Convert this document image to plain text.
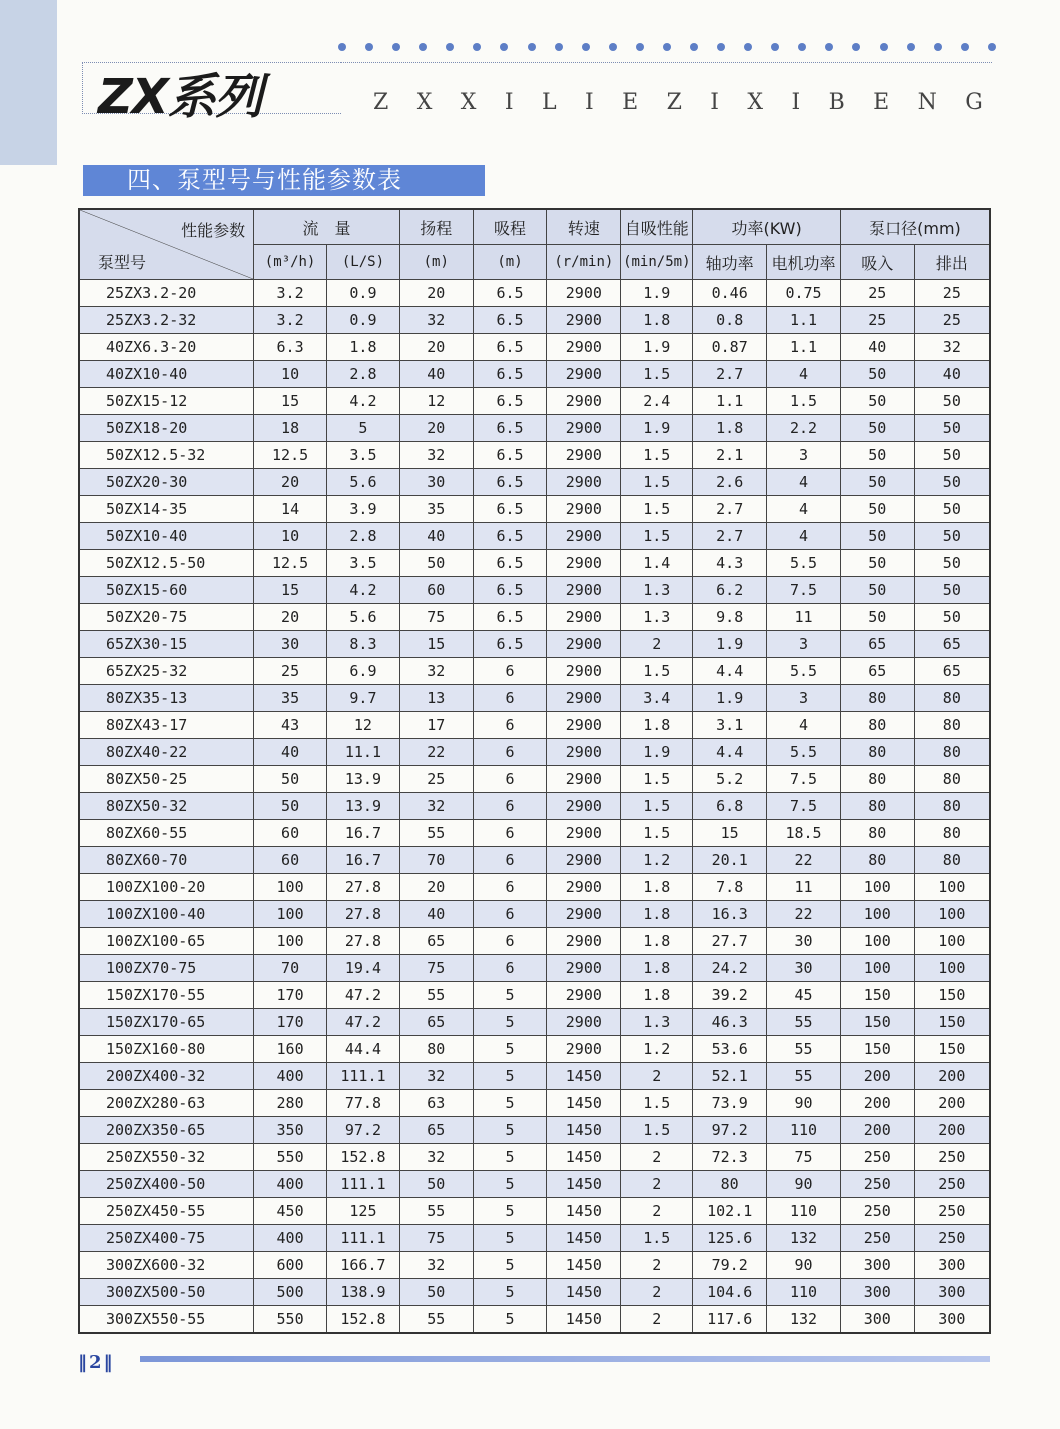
ZX系列	Z X X I L I E Z I X I B E N G
四、泵型号与性能参数表
性能参数
泵型号	流　量		扬程	吸程	转速	自吸性能	功率(KW)		泵口径(mm)	
	(m³/h)	(L/S)	(m)	(m)	(r/min)	(min/5m)	轴功率	电机功率	吸入	排出
25ZX3.2-20	3.2	0.9	20	6.5	2900	1.9	0.46	0.75	25	25
25ZX3.2-32	3.2	0.9	32	6.5	2900	1.8	0.8	1.1	25	25
40ZX6.3-20	6.3	1.8	20	6.5	2900	1.9	0.87	1.1	40	32
40ZX10-40	10	2.8	40	6.5	2900	1.5	2.7	4	50	40
50ZX15-12	15	4.2	12	6.5	2900	2.4	1.1	1.5	50	50
50ZX18-20	18	5	20	6.5	2900	1.9	1.8	2.2	50	50
50ZX12.5-32	12.5	3.5	32	6.5	2900	1.5	2.1	3	50	50
50ZX20-30	20	5.6	30	6.5	2900	1.5	2.6	4	50	50
50ZX14-35	14	3.9	35	6.5	2900	1.5	2.7	4	50	50
50ZX10-40	10	2.8	40	6.5	2900	1.5	2.7	4	50	50
50ZX12.5-50	12.5	3.5	50	6.5	2900	1.4	4.3	5.5	50	50
50ZX15-60	15	4.2	60	6.5	2900	1.3	6.2	7.5	50	50
50ZX20-75	20	5.6	75	6.5	2900	1.3	9.8	11	50	50
65ZX30-15	30	8.3	15	6.5	2900	2	1.9	3	65	65
65ZX25-32	25	6.9	32	6	2900	1.5	4.4	5.5	65	65
80ZX35-13	35	9.7	13	6	2900	3.4	1.9	3	80	80
80ZX43-17	43	12	17	6	2900	1.8	3.1	4	80	80
80ZX40-22	40	11.1	22	6	2900	1.9	4.4	5.5	80	80
80ZX50-25	50	13.9	25	6	2900	1.5	5.2	7.5	80	80
80ZX50-32	50	13.9	32	6	2900	1.5	6.8	7.5	80	80
80ZX60-55	60	16.7	55	6	2900	1.5	15	18.5	80	80
80ZX60-70	60	16.7	70	6	2900	1.2	20.1	22	80	80
100ZX100-20	100	27.8	20	6	2900	1.8	7.8	11	100	100
100ZX100-40	100	27.8	40	6	2900	1.8	16.3	22	100	100
100ZX100-65	100	27.8	65	6	2900	1.8	27.7	30	100	100
100ZX70-75	70	19.4	75	6	2900	1.8	24.2	30	100	100
150ZX170-55	170	47.2	55	5	2900	1.8	39.2	45	150	150
150ZX170-65	170	47.2	65	5	2900	1.3	46.3	55	150	150
150ZX160-80	160	44.4	80	5	2900	1.2	53.6	55	150	150
200ZX400-32	400	111.1	32	5	1450	2	52.1	55	200	200
200ZX280-63	280	77.8	63	5	1450	1.5	73.9	90	200	200
200ZX350-65	350	97.2	65	5	1450	1.5	97.2	110	200	200
250ZX550-32	550	152.8	32	5	1450	2	72.3	75	250	250
250ZX400-50	400	111.1	50	5	1450	2	80	90	250	250
250ZX450-55	450	125	55	5	1450	2	102.1	110	250	250
250ZX400-75	400	111.1	75	5	1450	1.5	125.6	132	250	250
300ZX600-32	600	166.7	32	5	1450	2	79.2	90	300	300
300ZX500-50	500	138.9	50	5	1450	2	104.6	110	300	300
300ZX550-55	550	152.8	55	5	1450	2	117.6	132	300	300
‖2‖
